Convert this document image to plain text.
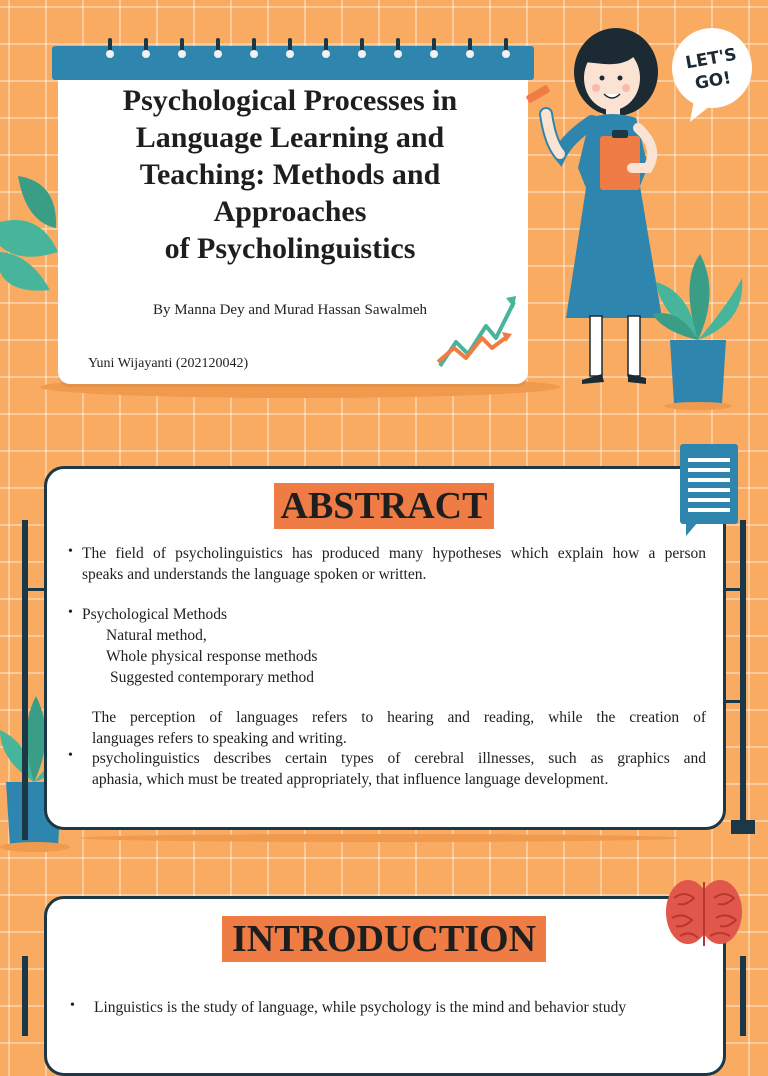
Psychological Processes in
Language Learning and
Teaching: Methods and
Approaches
of Psycholinguistics
By Manna Dey and Murad Hassan Sawalmeh
Yuni Wijayanti (202120042)
LET'S
GO!
ABSTRACT
• The field of psycholinguistics has produced many hypotheses which explain how a person
speaks and understands the language spoken or written.
• Psychological Methods
Natural method,
Whole physical response methods
Suggested contemporary method
The perception of languages refers to hearing and reading, while the creation of
languages refers to speaking and writing.
• psycholinguistics describes certain types of cerebral illnesses, such as graphics and
aphasia, which must be treated appropriately, that influence language development.
INTRODUCTION
• Linguistics is the study of language, while psychology is the mind and behavior study
